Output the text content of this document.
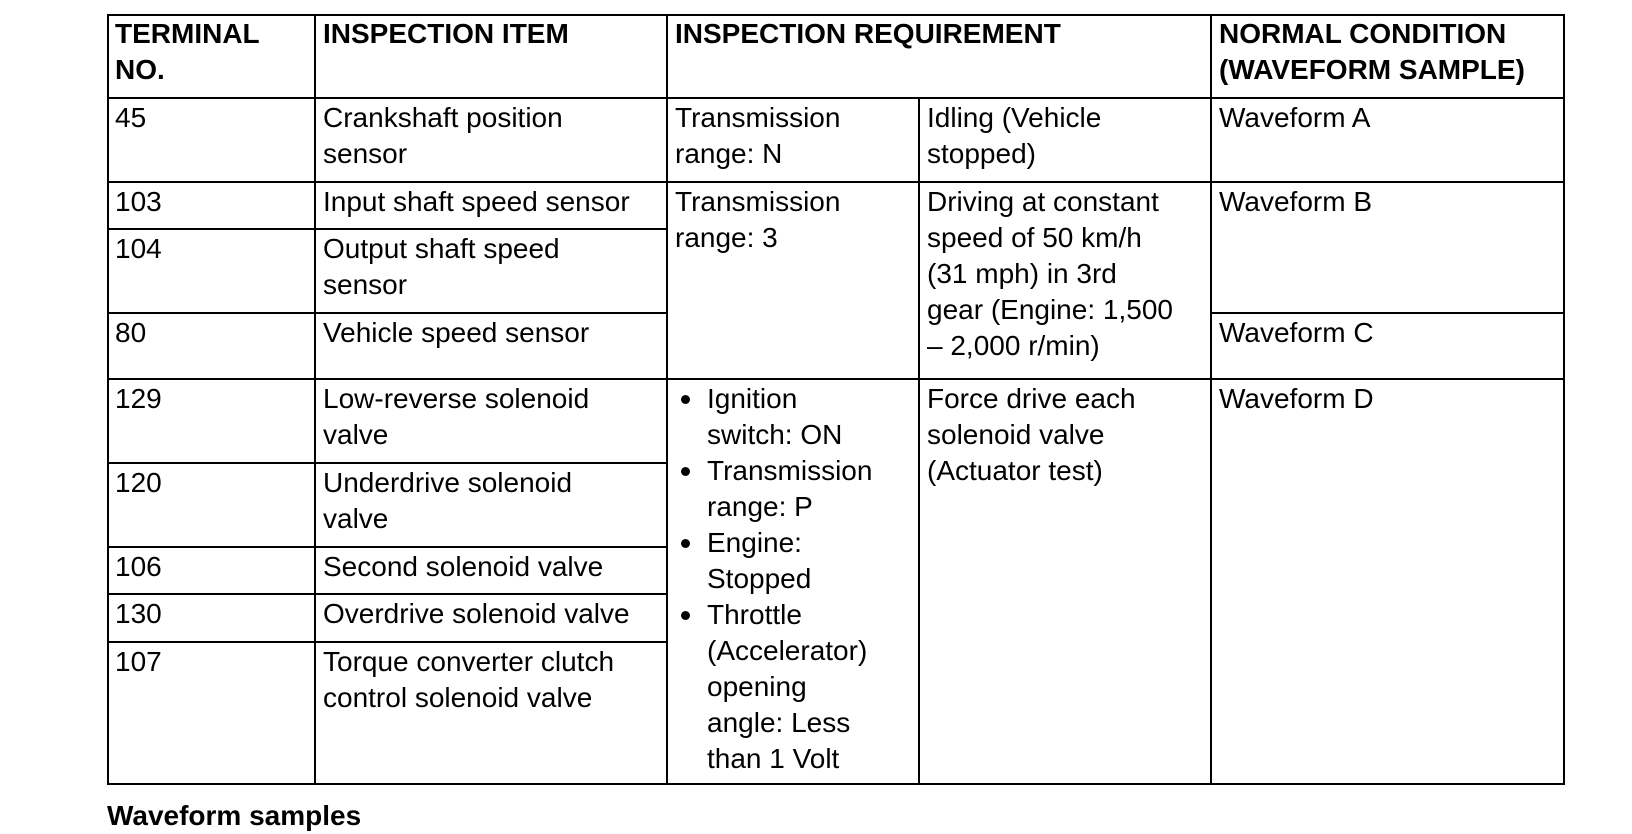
TERMINAL
NO.
INSPECTION ITEM	INSPECTION REQUIREMENT	NORMAL CONDITION
(WAVEFORM SAMPLE)
45
103
104
80
129
120
106
130
107
Crankshaft position
sensor
Input shaft speed sensor
Output shaft speed
sensor
Vehicle speed sensor
Low-reverse solenoid
valve
Underdrive solenoid
valve
Second solenoid valve
Overdrive solenoid valve
Torque converter clutch
control solenoid valve
Transmission
range: N
Idling (Vehicle
stopped)
Waveform A
Transmission
range: 3
Driving at constant
speed of 50 km/h
(31 mph) in 3rd
gear (Engine: 1,500
– 2,000 r/min)
Waveform B
Waveform C
Ignition
switch: ON
Transmission
range: P
Engine:
Stopped
Throttle
(Accelerator)
opening
angle: Less
than 1 Volt
Force drive each
solenoid valve
(Actuator test)
Waveform D
Waveform samples
